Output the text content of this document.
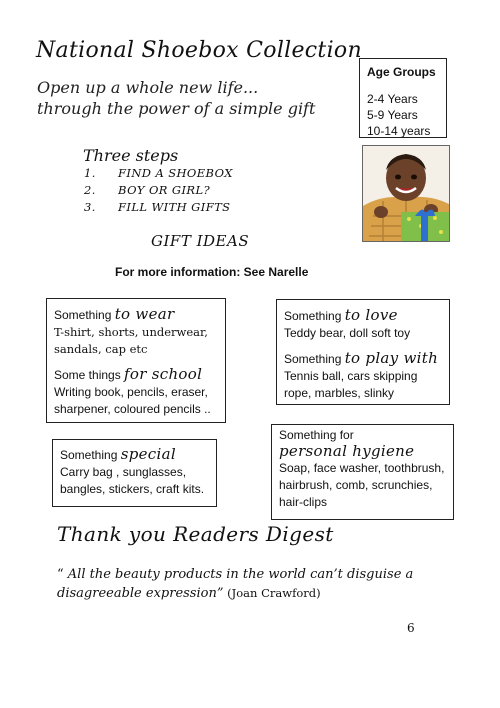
National Shoebox Collection
Open up a whole new life...
through the power of a simple gift
Age Groups
2-4 Years
5-9 Years
10-14 years
Three steps
1. FIND A SHOEBOX
2. BOY OR GIRL?
3. FILL WITH GIFTS
GIFT IDEAS
For more information: See Narelle
Something to wear
T-shirt, shorts, underwear, sandals, cap etc
Some things for school
Writing book, pencils, eraser, sharpener, coloured pencils ..
Something to love
Teddy bear, doll soft toy
Something to play with
Tennis ball, cars skipping rope, marbles, slinky
Something special
Carry bag , sunglasses, bangles, stickers, craft kits.
Something for
personal hygiene
Soap, face washer, toothbrush, hairbrush, comb, scrunchies, hair-clips
Thank you Readers Digest
“ All the beauty products in the world can’t disguise a disagreeable expression” (Joan Crawford)
6
